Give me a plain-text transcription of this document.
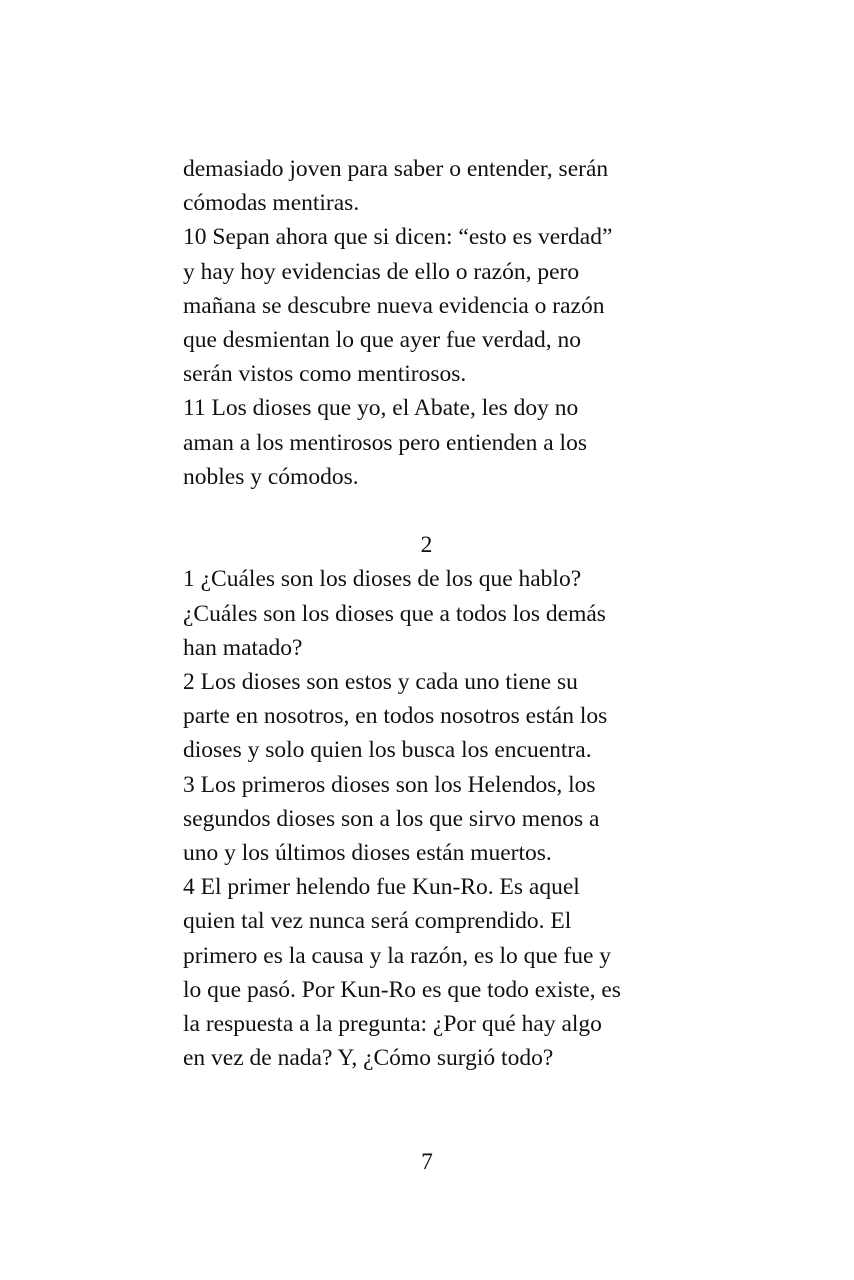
demasiado joven para saber o entender, serán
cómodas mentiras.
10 Sepan ahora que si dicen: “esto es verdad”
y hay hoy evidencias de ello o razón, pero
mañana se descubre nueva evidencia o razón
que desmientan lo que ayer fue verdad, no
serán vistos como mentirosos.
11 Los dioses que yo, el Abate, les doy no
aman a los mentirosos pero entienden a los
nobles y cómodos.
2
1 ¿Cuáles son los dioses de los que hablo?
¿Cuáles son los dioses que a todos los demás
han matado?
2 Los dioses son estos y cada uno tiene su
parte en nosotros, en todos nosotros están los
dioses y solo quien los busca los encuentra.
3 Los primeros dioses son los Helendos, los
segundos dioses son a los que sirvo menos a
uno y los últimos dioses están muertos.
4 El primer helendo fue Kun-Ro. Es aquel
quien tal vez nunca será comprendido. El
primero es la causa y la razón, es lo que fue y
lo que pasó. Por Kun-Ro es que todo existe, es
la respuesta a la pregunta: ¿Por qué hay algo
en vez de nada? Y, ¿Cómo surgió todo?
7
